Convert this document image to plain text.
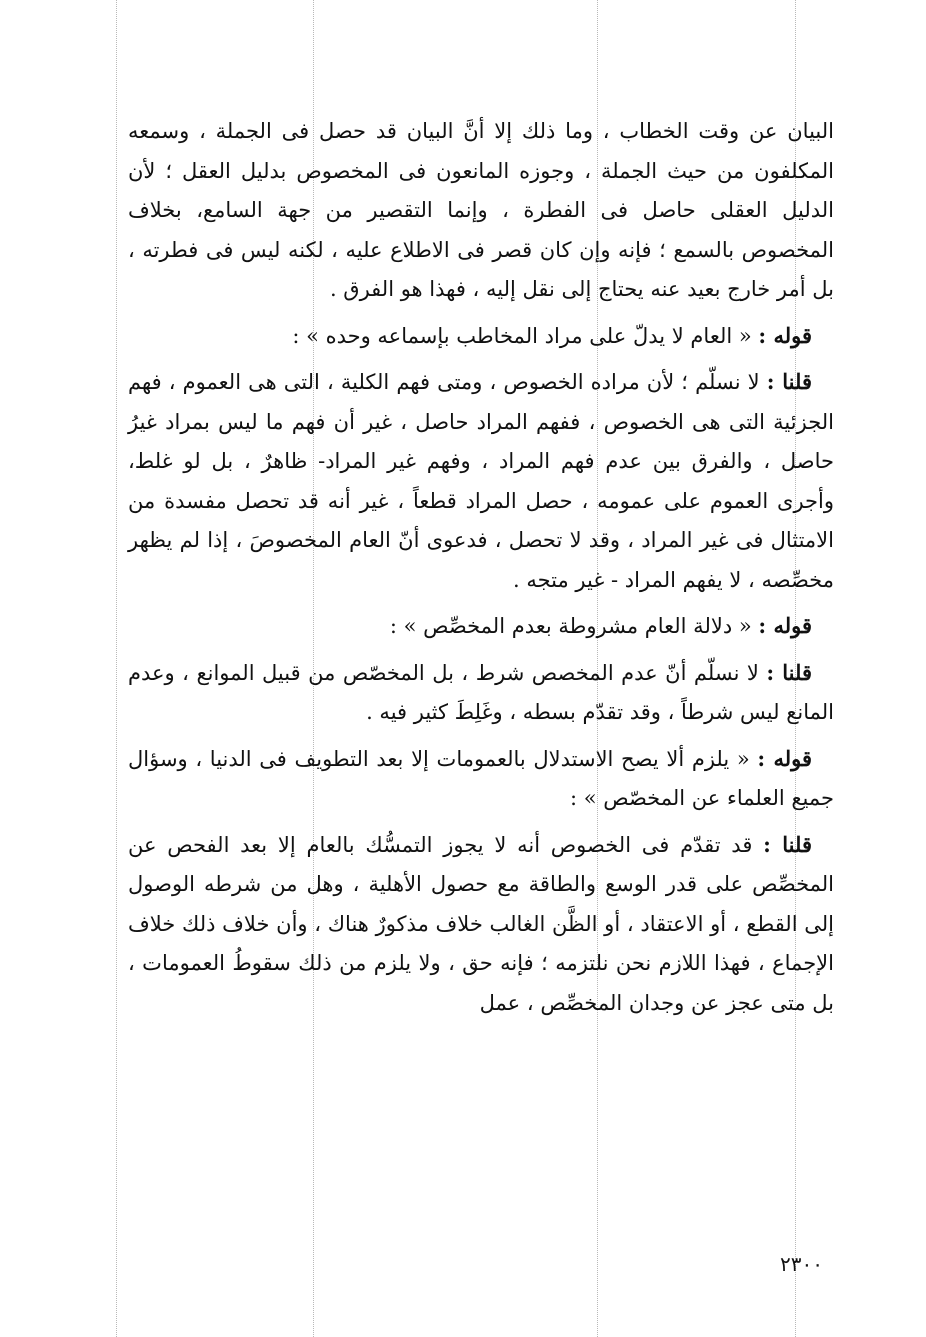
البيان عن وقت الخطاب ، وما ذلك إلا أنَّ البيان قد حصل فى الجملة ، وسمعه المكلفون من حيث الجملة ، وجوزه المانعون فى المخصوص بدليل العقل ؛ لأن الدليل العقلى حاصل فى الفطرة ، وإنما التقصير من جهة السامع، بخلاف المخصوص بالسمع ؛ فإنه وإن كان قصر فى الاطلاع عليه ، لكنه ليس فى فطرته ، بل أمر خارج بعيد عنه يحتاج إلى نقل إليه ، فهذا هو الفرق .

قوله : « العام لا يدلّ على مراد المخاطب بإسماعه وحده » :

قلنا : لا نسلّم ؛ لأن مراده الخصوص ، ومتى فهم الكلية ، التى هى العموم ، فهم الجزئية التى هى الخصوص ، ففهم المراد حاصل ، غير أن فهم ما ليس بمراد غيرُ حاصل ، والفرق بين عدم فهم المراد ، وفهم غير المراد- ظاهرٌ ، بل لو غلط، وأجرى العموم على عمومه ، حصل المراد قطعاً ، غير أنه قد تحصل مفسدة من الامتثال فى غير المراد ، وقد لا تحصل ، فدعوى أنّ العام المخصوصَ ، إذا لم يظهر مخصِّصه ، لا يفهم المراد - غير متجه .

قوله : « دلالة العام مشروطة بعدم المخصِّص » :

قلنا : لا نسلّم أنّ عدم المخصص شرط ، بل المخصّص من قبيل الموانع ، وعدم المانع ليس شرطاً ، وقد تقدّم بسطه ، وغَلِطَ كثير فيه .

قوله : « يلزم ألا يصح الاستدلال بالعمومات إلا بعد التطويف فى الدنيا ، وسؤال جميع العلماء عن المخصّص » :

قلنا : قد تقدّم فى الخصوص أنه لا يجوز التمسُّك بالعام إلا بعد الفحص عن المخصِّص على قدر الوسع والطاقة مع حصول الأهلية ، وهل من شرطه الوصول إلى القطع ، أو الاعتقاد ، أو الظَّن الغالب خلاف مذكورٌ هناك ، وأن خلاف ذلك خلاف الإجماع ، فهذا اللازم نحن نلتزمه ؛ فإنه حق ، ولا يلزم من ذلك سقوطُ العمومات ، بل متى عجز عن وجدان المخصِّص ، عمل

٢٣٠٠
